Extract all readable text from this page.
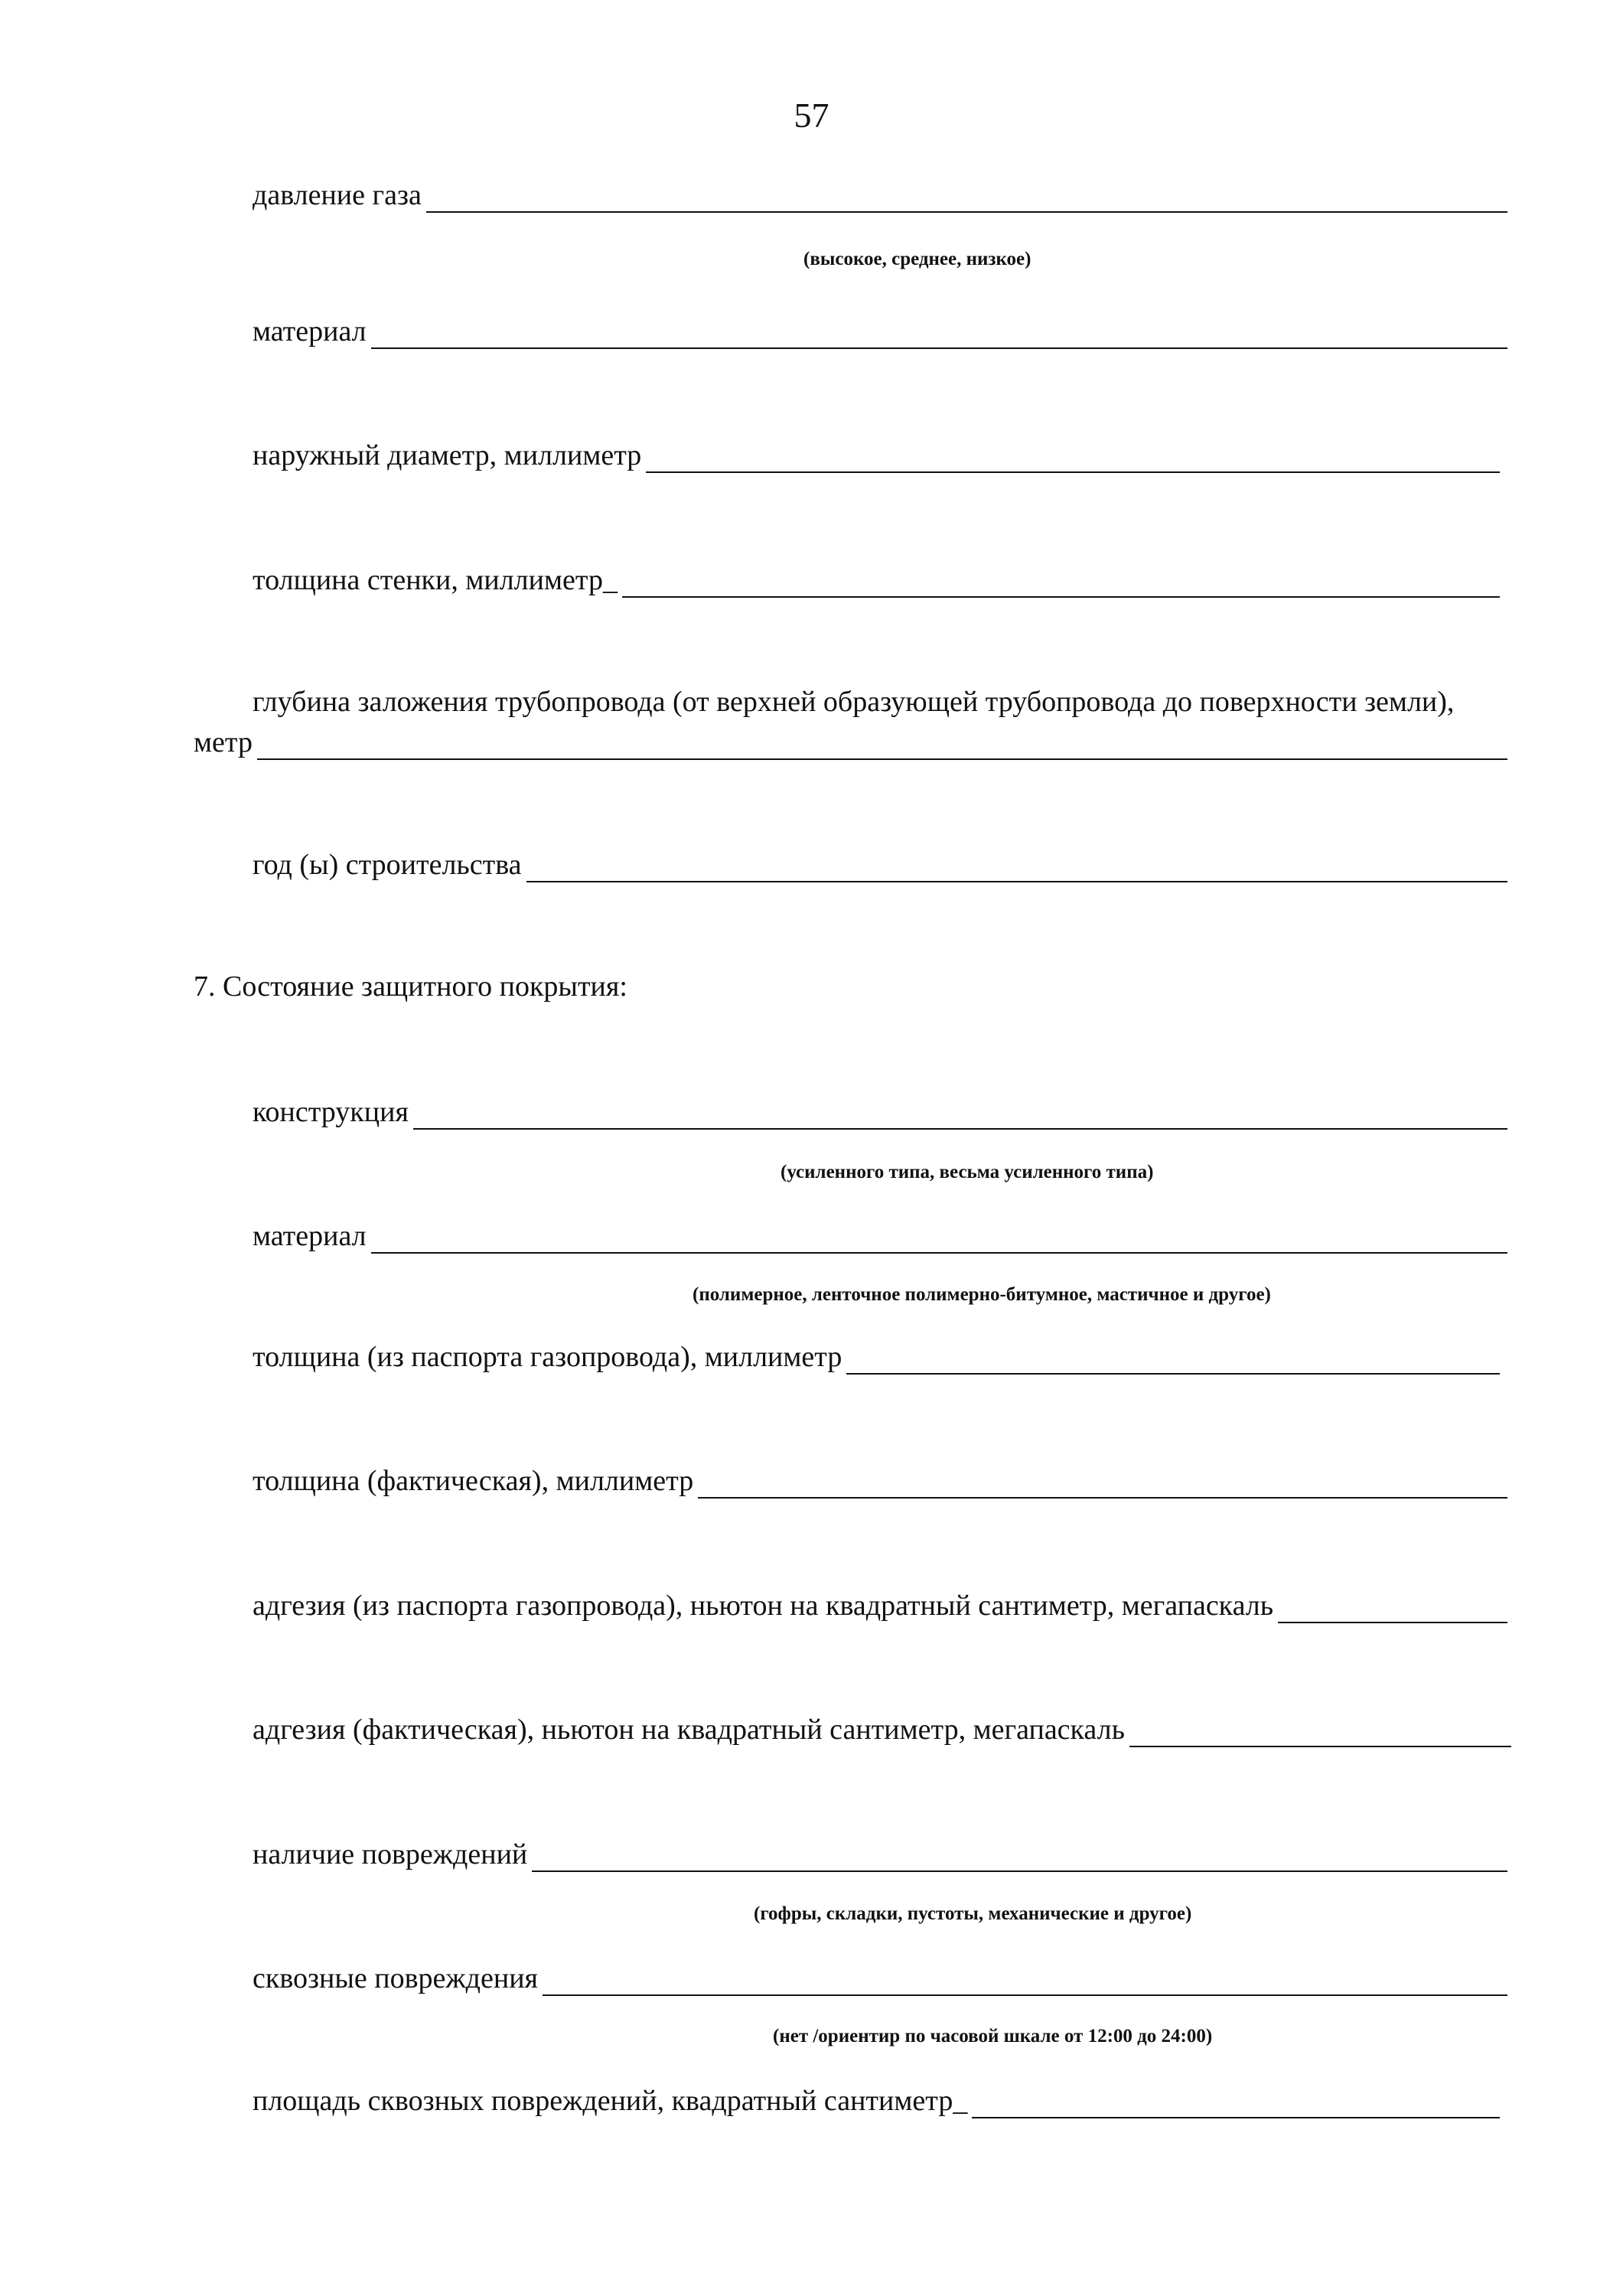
57
давление газа
(высокое, среднее, низкое)
материал
наружный диаметр, миллиметр
толщина стенки, миллиметр_
глубина заложения трубопровода (от верхней образующей трубопровода до поверхности земли),
метр
год (ы) строительства
7. Состояние защитного покрытия:
конструкция
(усиленного типа, весьма усиленного типа)
материал
(полимерное, ленточное полимерно-битумное, мастичное и другое)
толщина (из паспорта газопровода), миллиметр
толщина (фактическая), миллиметр
адгезия (из паспорта газопровода), ньютон на квадратный сантиметр, мегапаскаль
адгезия (фактическая), ньютон на квадратный сантиметр, мегапаскаль
наличие повреждений
(гофры, складки, пустоты, механические и другое)
сквозные повреждения
(нет /ориентир по часовой шкале от 12:00 до 24:00)
площадь сквозных повреждений, квадратный сантиметр_
